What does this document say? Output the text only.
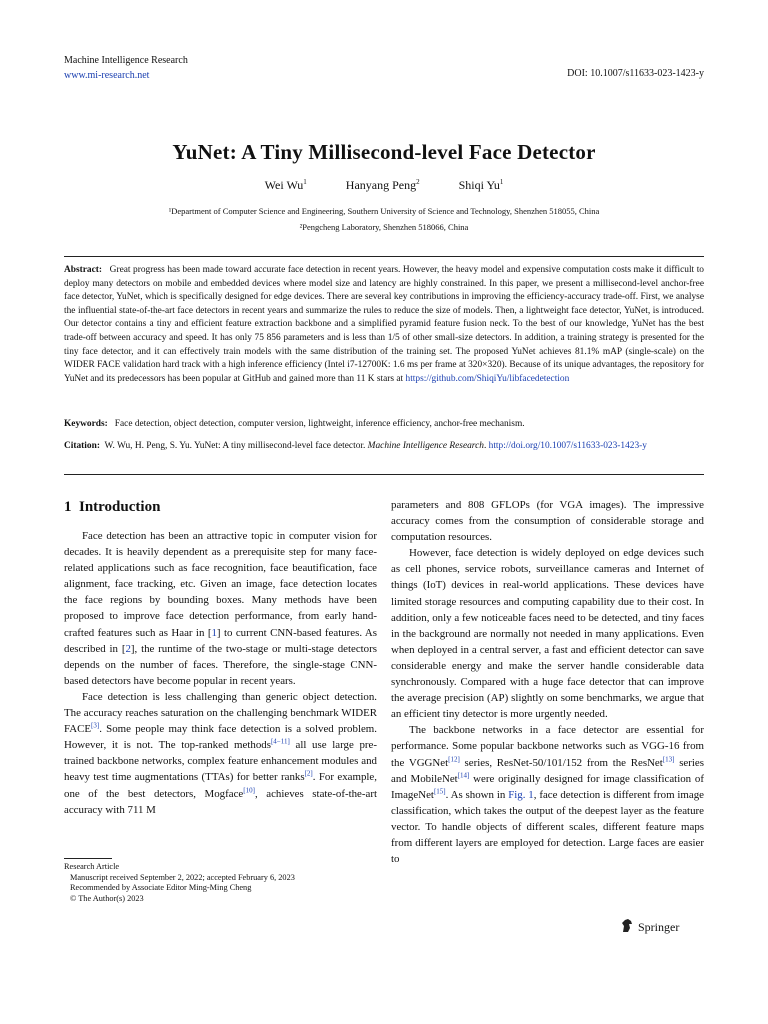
Machine Intelligence Research
www.mi-research.net	DOI: 10.1007/s11633-023-1423-y
YuNet: A Tiny Millisecond-level Face Detector
Wei Wu$^1$	Hanyang Peng$^2$	Shiqi Yu$^1$
¹Department of Computer Science and Engineering, Southern University of Science and Technology, Shenzhen 518055, China
²Pengcheng Laboratory, Shenzhen 518066, China
Abstract: Great progress has been made toward accurate face detection in recent years. However, the heavy model and expensive computation costs make it difficult to deploy many detectors on mobile and embedded devices where model size and latency are highly constrained. In this paper, we present a millisecond-level anchor-free face detector, YuNet, which is specifically designed for edge devices. There are several key contributions in improving the efficiency-accuracy trade-off. First, we analyse the influential state-of-the-art face detectors in recent years and summarize the rules to reduce the size of models. Then, a lightweight face detector, YuNet, is introduced. Our detector contains a tiny and efficient feature extraction backbone and a simplified pyramid feature fusion neck. To the best of our knowledge, YuNet has the best trade-off between accuracy and speed. It has only 75 856 parameters and is less than 1/5 of other small-size detectors. In addition, a training strategy is presented for the tiny face detector, and it can effectively train models with the same distribution of the training set. The proposed YuNet achieves 81.1% mAP (single-scale) on the WIDER FACE validation hard track with a high inference efficiency (Intel i7-12700K: 1.6 ms per frame at 320×320). Because of its unique advantages, the repository for YuNet and its predecessors has been popular at GitHub and gained more than 11 K stars at https://github.com/ShiqiYu/libfacedetection
Keywords: Face detection, object detection, computer version, lightweight, inference efficiency, anchor-free mechanism.
Citation: W. Wu, H. Peng, S. Yu. YuNet: A tiny millisecond-level face detector. Machine Intelligence Research. http://doi.org/10.1007/s11633-023-1423-y

1 Introduction

Face detection has been an attractive topic in computer vision for decades. It is heavily dependent as a prerequisite step for many face-related applications such as face recognition, face beautification, face alignment, face tracking, etc. Given an image, face detection locates the face regions by bounding boxes. Many methods have been proposed to improve face detection performance, from early hand-crafted features such as Haar in [1] to current CNN-based features. As described in [2], the runtime of the two-stage or multi-stage detectors depends on the number of faces. Therefore, the single-stage CNN-based detectors have become popular in recent years.

Face detection is less challenging than generic object detection. The accuracy reaches saturation on the challenging benchmark WIDER FACE[3]. Some people may think face detection is a solved problem. However, it is not. The top-ranked methods[4−11] all use large pre-trained backbone networks, complex feature enhancement modules and heavy test time augmentations (TTAs) for better ranks[2]. For example, one of the best detectors, Mogface[10], achieves state-of-the-art accuracy with 711 M

Research Article
Manuscript received September 2, 2022; accepted February 6, 2023
Recommended by Associate Editor Ming-Ming Cheng
© The Author(s) 2023

parameters and 808 GFLOPs (for VGA images). The impressive accuracy comes from the consumption of considerable storage and computation resources.

However, face detection is widely deployed on edge devices such as cell phones, service robots, surveillance cameras and Internet of things (IoT) devices in real-world applications. These devices have limited storage resources and computing capability due to their cost. In addition, only a few noticeable faces need to be detected, and tiny faces in the background are normally not needed in many applications. Even when deployed in a central server, a fast and efficient detector can save considerable energy and make the server handle considerable data synchronously. Compared with a huge face detector that can improve the average precision (AP) slightly on some benchmarks, we argue that an efficient tiny detector is more urgently needed.

The backbone networks in a face detector are essential for performance. Some popular backbone networks such as VGG-16 from the VGGNet[12] series, ResNet-50/101/152 from the ResNet[13] series and MobileNet[14] were originally designed for image classification of ImageNet[15]. As shown in Fig. 1, face detection is different from image classification, which takes the output of the deepest layer as the feature vector. To handle objects of different scales, different feature maps from different layers are employed for detection. Large faces are easier to

Springer
